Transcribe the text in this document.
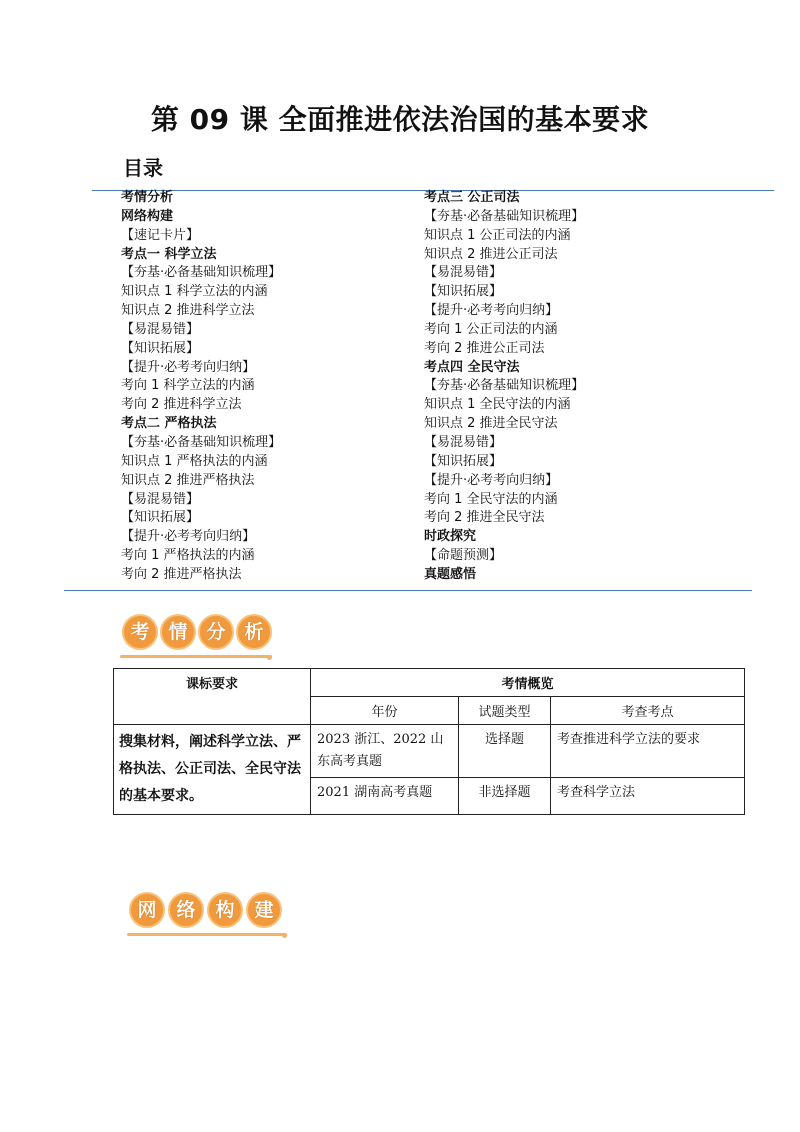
第 09 课 全面推进依法治国的基本要求
目录
考情分析
网络构建
【速记卡片】
考点一 科学立法
【夯基·必备基础知识梳理】
知识点 1 科学立法的内涵
知识点 2 推进科学立法
【易混易错】
【知识拓展】
【提升·必考考向归纳】
考向 1 科学立法的内涵
考向 2 推进科学立法
考点二 严格执法
【夯基·必备基础知识梳理】
知识点 1 严格执法的内涵
知识点 2 推进严格执法
【易混易错】
【知识拓展】
【提升·必考考向归纳】
考向 1 严格执法的内涵
考向 2 推进严格执法
考点三 公正司法
【夯基·必备基础知识梳理】
知识点 1 公正司法的内涵
知识点 2 推进公正司法
【易混易错】
【知识拓展】
【提升·必考考向归纳】
考向 1 公正司法的内涵
考向 2 推进公正司法
考点四 全民守法
【夯基·必备基础知识梳理】
知识点 1 全民守法的内涵
知识点 2 推进全民守法
【易混易错】
【知识拓展】
【提升·必考考向归纳】
考向 1 全民守法的内涵
考向 2 推进全民守法
时政探究
【命题预测】
真题感悟
考 情 分 析
课标要求	考情概览		
	年份	试题类型	考查考点
搜集材料，阐述科学立法、严格执法、公正司法、全民守法的基本要求。	2023 浙江、2022 山东高考真题	选择题	考查推进科学立法的要求
	2021 湖南高考真题	非选择题	考查科学立法
网	络	构	建
